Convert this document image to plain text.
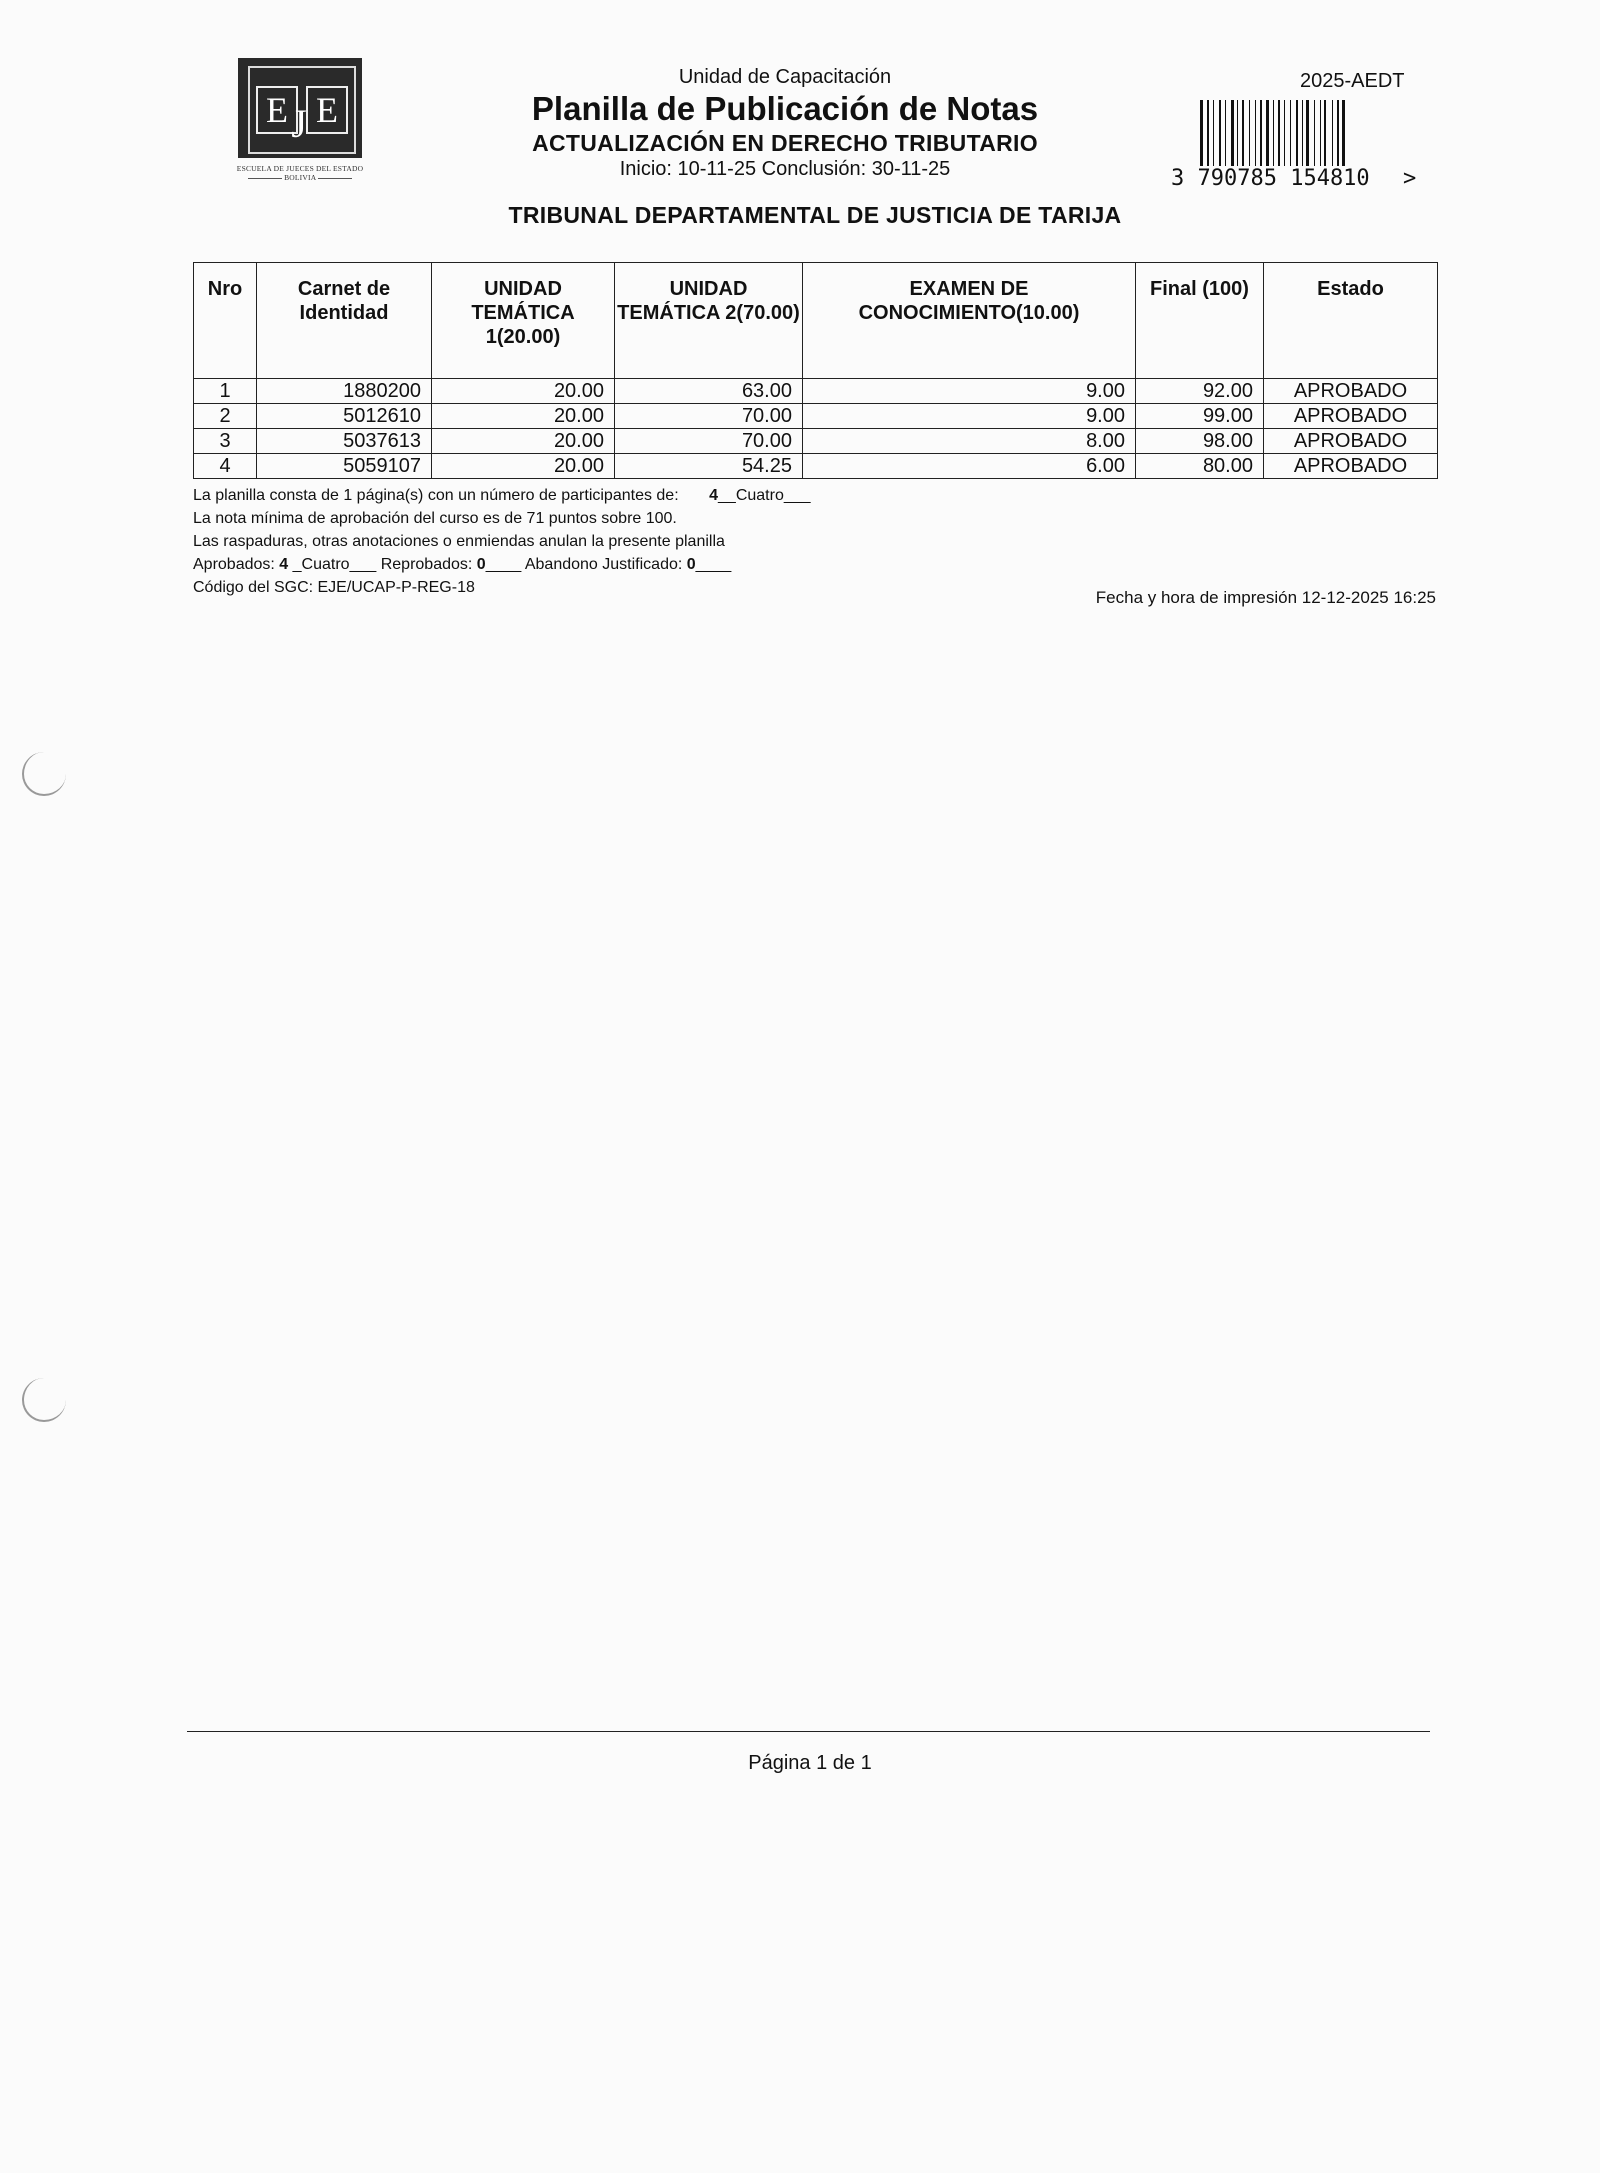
E E
J
ESCUELA DE JUECES DEL ESTADO
BOLIVIA
Unidad de Capacitación
Planilla de Publicación de Notas
ACTUALIZACIÓN EN DERECHO TRIBUTARIO
Inicio: 10-11-25 Conclusión: 30-11-25
TRIBUNAL DEPARTAMENTAL DE JUSTICIA DE TARIJA
2025-AEDT
3 790785 154810 >
Nro	Carnet de Identidad	UNIDAD TEMÁTICA 1(20.00)	UNIDAD TEMÁTICA 2(70.00)	EXAMEN DE CONOCIMIENTO(10.00)	Final (100)	Estado
1	1880200	20.00	63.00	9.00	92.00	APROBADO
2	5012610	20.00	70.00	9.00	99.00	APROBADO
3	5037613	20.00	70.00	8.00	98.00	APROBADO
4	5059107	20.00	54.25	6.00	80.00	APROBADO
La planilla consta de 1 página(s) con un número de participantes de: 4__Cuatro___
La nota mínima de aprobación del curso es de 71 puntos sobre 100.
Las raspaduras, otras anotaciones o enmiendas anulan la presente planilla
Aprobados: 4 _Cuatro___ Reprobados: 0____ Abandono Justificado: 0____
Código del SGC: EJE/UCAP-P-REG-18
Fecha y hora de impresión 12-12-2025 16:25
Página 1 de 1
